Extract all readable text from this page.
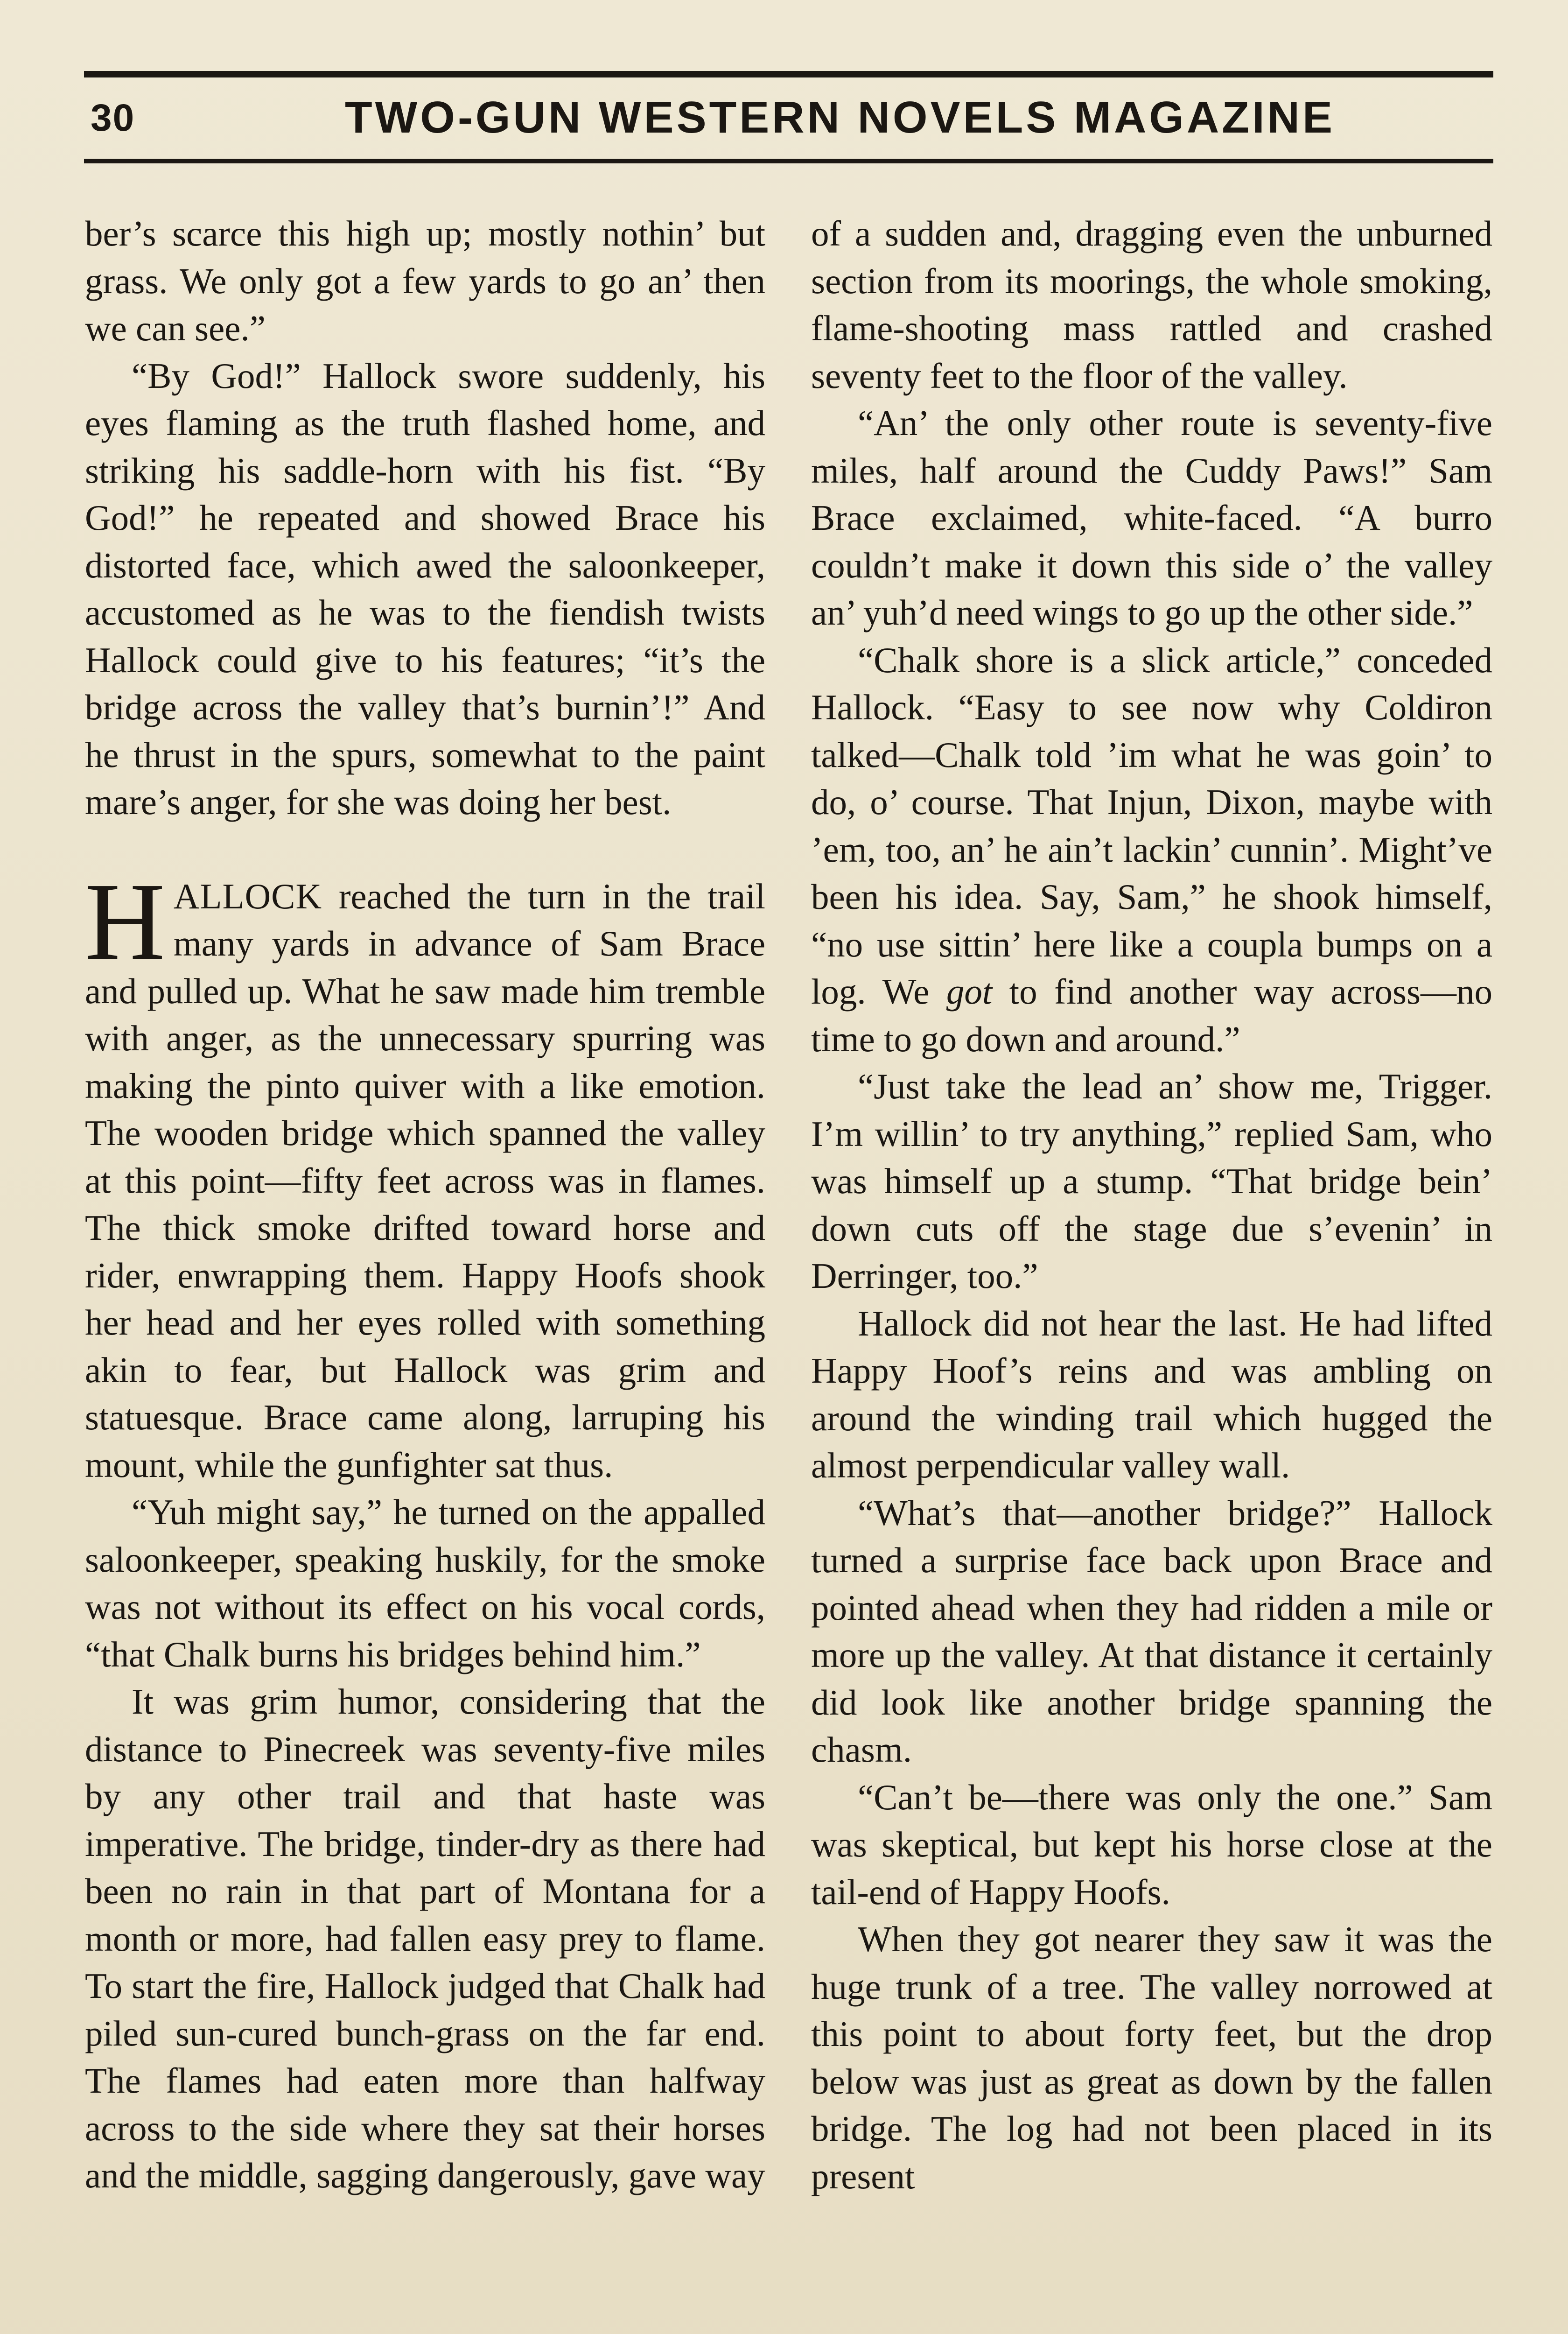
30	TWO-GUN WESTERN NOVELS MAGAZINE

ber’s scarce this high up; mostly nothin’ but grass. We only got a few yards to go an’ then we can see.”

“By God!” Hallock swore suddenly, his eyes flaming as the truth flashed home, and striking his saddle-horn with his fist. “By God!” he repeated and showed Brace his distorted face, which awed the saloonkeeper, accustomed as he was to the fiendish twists Hallock could give to his features; “it’s the bridge across the valley that’s burnin’!” And he thrust in the spurs, somewhat to the paint mare’s anger, for she was doing her best.

HALLOCK reached the turn in the trail many yards in advance of Sam Brace and pulled up. What he saw made him tremble with anger, as the unnecessary spurring was making the pinto quiver with a like emotion. The wooden bridge which spanned the valley at this point—fifty feet across was in flames. The thick smoke drifted toward horse and rider, enwrapping them. Happy Hoofs shook her head and her eyes rolled with something akin to fear, but Hallock was grim and statuesque. Brace came along, larruping his mount, while the gunfighter sat thus.

“Yuh might say,” he turned on the appalled saloonkeeper, speaking huskily, for the smoke was not without its effect on his vocal cords, “that Chalk burns his bridges behind him.”

It was grim humor, considering that the distance to Pinecreek was seventy-five miles by any other trail and that haste was imperative. The bridge, tinder-dry as there had been no rain in that part of Montana for a month or more, had fallen easy prey to flame. To start the fire, Hallock judged that Chalk had piled sun-cured bunch-grass on the far end. The flames had eaten more than halfway across to the side where they sat their horses and the middle, sagging dangerously, gave way

of a sudden and, dragging even the unburned section from its moorings, the whole smoking, flame-shooting mass rattled and crashed seventy feet to the floor of the valley.

“An’ the only other route is seventy-five miles, half around the Cuddy Paws!” Sam Brace exclaimed, white-faced. “A burro couldn’t make it down this side o’ the valley an’ yuh’d need wings to go up the other side.”

“Chalk shore is a slick article,” conceded Hallock. “Easy to see now why Coldiron talked—Chalk told ’im what he was goin’ to do, o’ course. That Injun, Dixon, maybe with ’em, too, an’ he ain’t lackin’ cunnin’. Might’ve been his idea. Say, Sam,” he shook himself, “no use sittin’ here like a coupla bumps on a log. We got to find another way across—no time to go down and around.”

“Just take the lead an’ show me, Trigger. I’m willin’ to try anything,” replied Sam, who was himself up a stump. “That bridge bein’ down cuts off the stage due s’evenin’ in Derringer, too.”

Hallock did not hear the last. He had lifted Happy Hoof’s reins and was ambling on around the winding trail which hugged the almost perpendicular valley wall.

“What’s that—another bridge?” Hallock turned a surprise face back upon Brace and pointed ahead when they had ridden a mile or more up the valley. At that distance it certainly did look like another bridge spanning the chasm.

“Can’t be—there was only the one.” Sam was skeptical, but kept his horse close at the tail-end of Happy Hoofs.

When they got nearer they saw it was the huge trunk of a tree. The valley norrowed at this point to about forty feet, but the drop below was just as great as down by the fallen bridge. The log had not been placed in its present
